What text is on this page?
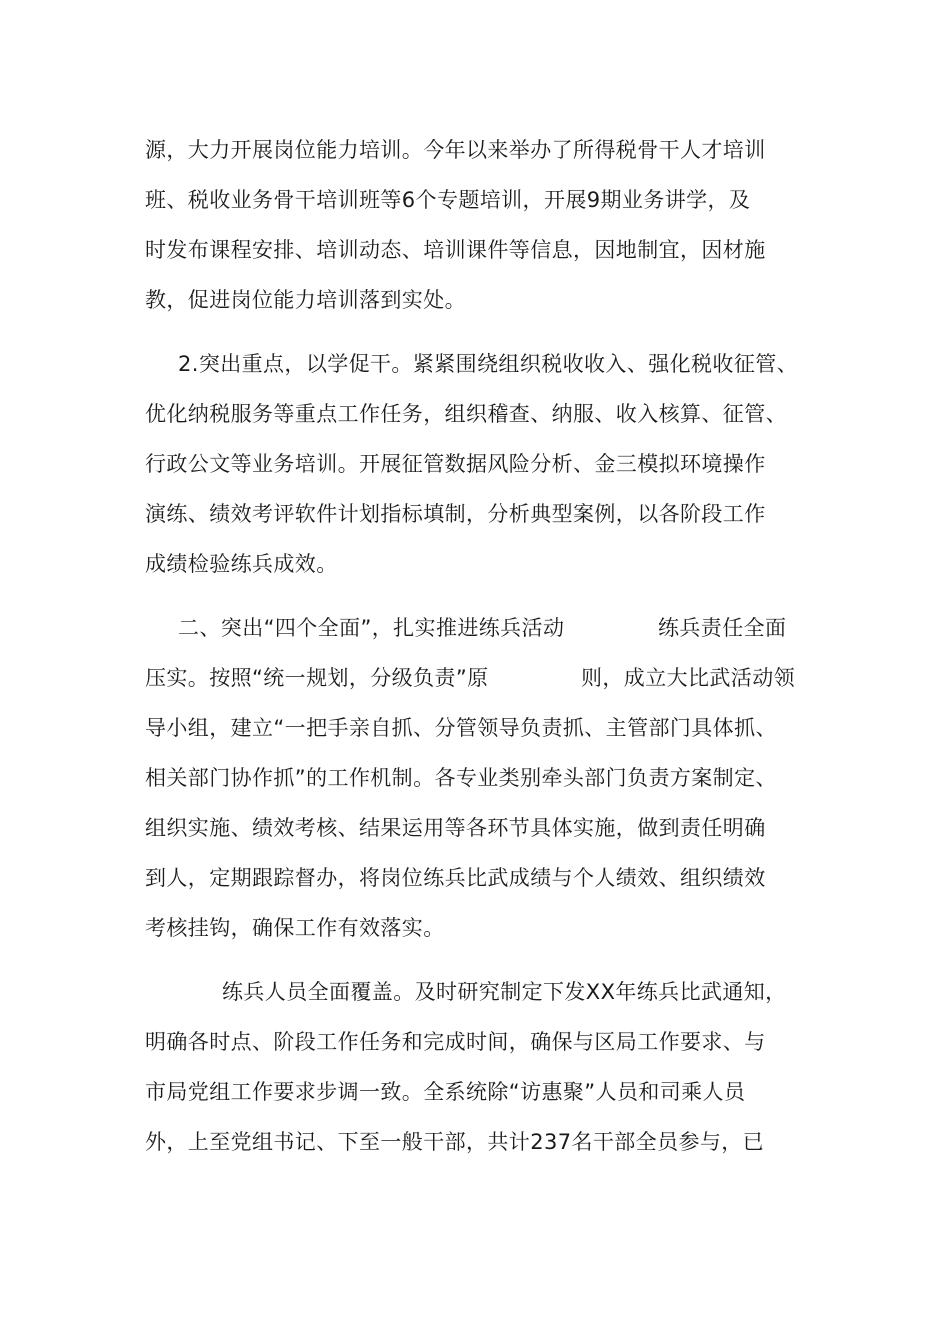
源，大力开展岗位能力培训。今年以来举办了所得税骨干人才培训
班、税收业务骨干培训班等6个专题培训，开展9期业务讲学，及
时发布课程安排、培训动态、培训课件等信息，因地制宜，因材施
教，促进岗位能力培训落到实处。
2.突出重点，以学促干。紧紧围绕组织税收收入、强化税收征管、
优化纳税服务等重点工作任务，组织稽查、纳服、收入核算、征管、
行政公文等业务培训。开展征管数据风险分析、金三模拟环境操作
演练、绩效考评软件计划指标填制，分析典型案例，以各阶段工作
成绩检验练兵成效。
二、突出“四个全面”，扎实推进练兵活动	练兵责任全面
压实。按照“统一规划，分级负责”原	则，成立大比武活动领
导小组，建立“一把手亲自抓、分管领导负责抓、主管部门具体抓、
相关部门协作抓”的工作机制。各专业类别牵头部门负责方案制定、
组织实施、绩效考核、结果运用等各环节具体实施，做到责任明确
到人，定期跟踪督办，将岗位练兵比武成绩与个人绩效、组织绩效
考核挂钩，确保工作有效落实。
练兵人员全面覆盖。及时研究制定下发XX年练兵比武通知，
明确各时点、阶段工作任务和完成时间，确保与区局工作要求、与
市局党组工作要求步调一致。全系统除“访惠聚”人员和司乘人员
外，上至党组书记、下至一般干部，共计237名干部全员参与，已
